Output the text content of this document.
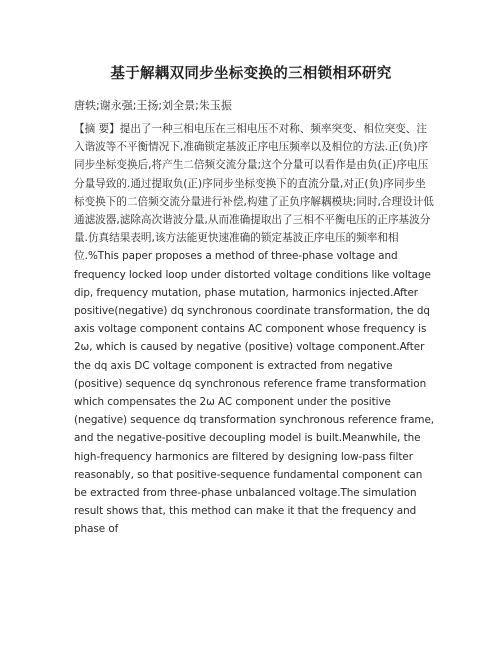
基于解耦双同步坐标变换的三相锁相环研究
唐轶;谢永强;王扬;刘全景;朱玉振
【摘 要】提出了一种三相电压在三相电压不对称、频率突变、相位突变、注入谐波等不平衡情况下,准确锁定基波正序电压频率以及相位的方法.正(负)序同步坐标变换后,将产生二倍频交流分量;这个分量可以看作是由负(正)序电压分量导致的.通过提取负(正)序同步坐标变换下的直流分量,对正(负)序同步坐标变换下的二倍频交流分量进行补偿,构建了正负序解耦模块;同时,合理设计低通滤波器,滤除高次谐波分量,从而准确提取出了三相不平衡电压的正序基波分量.仿真结果表明,该方法能更快速准确的锁定基波正序电压的频率和相位.%This paper proposes a method of three-phase voltage and frequency locked loop under distorted voltage conditions like voltage dip, frequency mutation, phase mutation, harmonics injected.After positive(negative) dq synchronous coordinate transformation, the dq axis voltage component contains AC component whose frequency is 2ω, which is caused by negative (positive) voltage component.After the dq axis DC voltage component is extracted from negative (positive) sequence dq synchronous reference frame transformation which compensates the 2ω AC component under the positive (negative) sequence dq transformation synchronous reference frame, and the negative-positive decoupling model is built.Meanwhile, the high-frequency harmonics are filtered by designing low-pass filter reasonably, so that positive-sequence fundamental component can be extracted from three-phase unbalanced voltage.The simulation result shows that, this method can make it that the frequency and phase of
